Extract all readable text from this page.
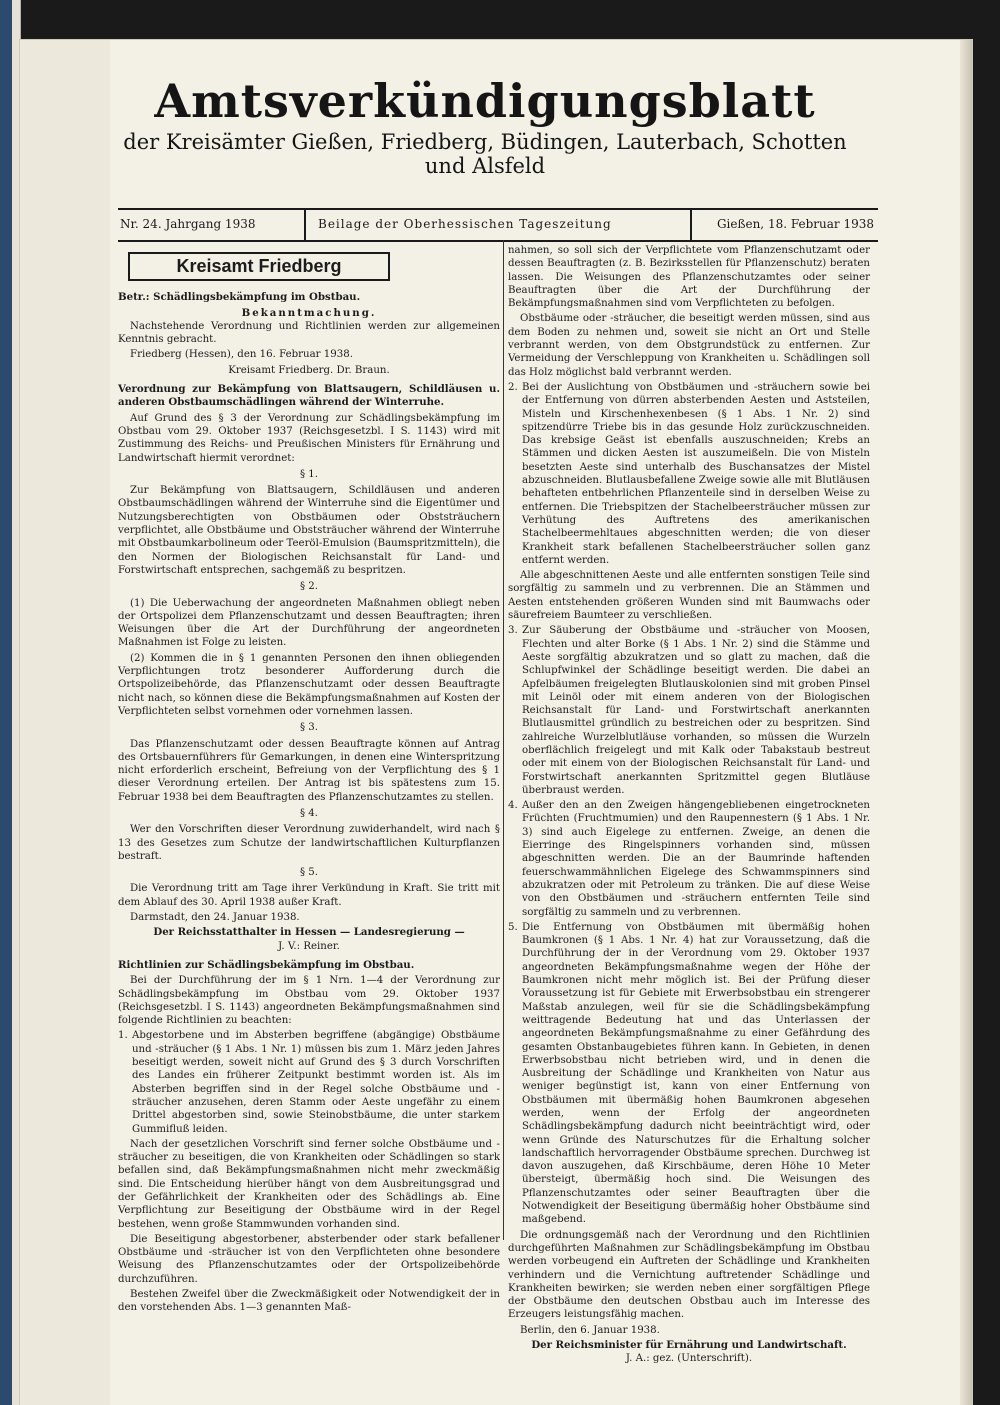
Amtsverkündigungsblatt
der Kreisämter Gießen, Friedberg, Büdingen, Lauterbach, Schotten und Alsfeld
Nr. 24. Jahrgang 1938	Beilage der Oberhessischen Tageszeitung	Gießen, 18. Februar 1938
Kreisamt Friedberg

Betr.: Schädlingsbekämpfung im Obstbau.

Bekanntmachung.

Nachstehende Verordnung und Richtlinien werden zur allgemeinen Kenntnis gebracht.

Friedberg (Hessen), den 16. Februar 1938.

Kreisamt Friedberg. Dr. Braun.

Verordnung zur Bekämpfung von Blattsaugern, Schildläusen u. anderen Obstbaumschädlingen während der Winterruhe.

Auf Grund des § 3 der Verordnung zur Schädlingsbekämpfung im Obstbau vom 29. Oktober 1937 (Reichsgesetzbl. I S. 1143) wird mit Zustimmung des Reichs- und Preußischen Ministers für Ernährung und Landwirtschaft hiermit verordnet:

§ 1.

Zur Bekämpfung von Blattsaugern, Schildläusen und anderen Obstbaumschädlingen während der Winterruhe sind die Eigentümer und Nutzungsberechtigten von Obstbäumen oder Obststräuchern verpflichtet, alle Obstbäume und Obststräucher während der Winterruhe mit Obstbaumkarbolineum oder Teeröl-Emulsion (Baumspritzmitteln), die den Normen der Biologischen Reichsanstalt für Land- und Forstwirtschaft entsprechen, sachgemäß zu bespritzen.

§ 2.

(1) Die Ueberwachung der angeordneten Maßnahmen obliegt neben der Ortspolizei dem Pflanzenschutzamt und dessen Beauftragten; ihren Weisungen über die Art der Durchführung der angeordneten Maßnahmen ist Folge zu leisten.

(2) Kommen die in § 1 genannten Personen den ihnen obliegenden Verpflichtungen trotz besonderer Aufforderung durch die Ortspolizeibehörde, das Pflanzenschutzamt oder dessen Beauftragte nicht nach, so können diese die Bekämpfungsmaßnahmen auf Kosten der Verpflichteten selbst vornehmen oder vornehmen lassen.

§ 3.

Das Pflanzenschutzamt oder dessen Beauftragte können auf Antrag des Ortsbauernführers für Gemarkungen, in denen eine Winterspritzung nicht erforderlich erscheint, Befreiung von der Verpflichtung des § 1 dieser Verordnung erteilen. Der Antrag ist bis spätestens zum 15. Februar 1938 bei dem Beauftragten des Pflanzenschutzamtes zu stellen.

§ 4.

Wer den Vorschriften dieser Verordnung zuwiderhandelt, wird nach § 13 des Gesetzes zum Schutze der landwirtschaftlichen Kulturpflanzen bestraft.

§ 5.

Die Verordnung tritt am Tage ihrer Verkündung in Kraft. Sie tritt mit dem Ablauf des 30. April 1938 außer Kraft.

Darmstadt, den 24. Januar 1938.

Der Reichsstatthalter in Hessen — Landesregierung —
J. V.: Reiner.

Richtlinien zur Schädlingsbekämpfung im Obstbau.

Bei der Durchführung der im § 1 Nrn. 1—4 der Verordnung zur Schädlingsbekämpfung im Obstbau vom 29. Oktober 1937 (Reichsgesetzbl. I S. 1143) angeordneten Bekämpfungsmaßnahmen sind folgende Richtlinien zu beachten:

1. Abgestorbene und im Absterben begriffene (abgängige) Obstbäume und -sträucher (§ 1 Abs. 1 Nr. 1) müssen bis zum 1. März jeden Jahres beseitigt werden, soweit nicht auf Grund des § 3 durch Vorschriften des Landes ein früherer Zeitpunkt bestimmt worden ist. Als im Absterben begriffen sind in der Regel solche Obstbäume und -sträucher anzusehen, deren Stamm oder Aeste ungefähr zu einem Drittel abgestorben sind, sowie Steinobstbäume, die unter starkem Gummifluß leiden.

Nach der gesetzlichen Vorschrift sind ferner solche Obstbäume und -sträucher zu beseitigen, die von Krankheiten oder Schädlingen so stark befallen sind, daß Bekämpfungsmaßnahmen nicht mehr zweckmäßig sind. Die Entscheidung hierüber hängt von dem Ausbreitungsgrad und der Gefährlichkeit der Krankheiten oder des Schädlings ab. Eine Verpflichtung zur Beseitigung der Obstbäume wird in der Regel bestehen, wenn große Stammwunden vorhanden sind.

Die Beseitigung abgestorbener, absterbender oder stark befallener Obstbäume und -sträucher ist von den Verpflichteten ohne besondere Weisung des Pflanzenschutzamtes oder der Ortspolizeibehörde durchzuführen.

Bestehen Zweifel über die Zweckmäßigkeit oder Notwendigkeit der in den vorstehenden Abs. 1—3 genannten Maß-

nahmen, so soll sich der Verpflichtete vom Pflanzenschutzamt oder dessen Beauftragten (z. B. Bezirksstellen für Pflanzenschutz) beraten lassen. Die Weisungen des Pflanzenschutzamtes oder seiner Beauftragten über die Art der Durchführung der Bekämpfungsmaßnahmen sind vom Verpflichteten zu befolgen.

Obstbäume oder -sträucher, die beseitigt werden müssen, sind aus dem Boden zu nehmen und, soweit sie nicht an Ort und Stelle verbrannt werden, von dem Obstgrundstück zu entfernen. Zur Vermeidung der Verschleppung von Krankheiten u. Schädlingen soll das Holz möglichst bald verbrannt werden.

2. Bei der Auslichtung von Obstbäumen und -sträuchern sowie bei der Entfernung von dürren absterbenden Aesten und Aststeilen, Misteln und Kirschenhexenbesen (§ 1 Abs. 1 Nr. 2) sind spitzendürre Triebe bis in das gesunde Holz zurückzuschneiden. Das krebsige Geäst ist ebenfalls auszuschneiden; Krebs an Stämmen und dicken Aesten ist auszumeißeln. Die von Misteln besetzten Aeste sind unterhalb des Buschansatzes der Mistel abzuschneiden. Blutlausbefallene Zweige sowie alle mit Blutläusen behafteten entbehrlichen Pflanzenteile sind in derselben Weise zu entfernen. Die Triebspitzen der Stachelbeersträucher müssen zur Verhütung des Auftretens des amerikanischen Stachelbeermehltaues abgeschnitten werden; die von dieser Krankheit stark befallenen Stachelbeersträucher sollen ganz entfernt werden.

Alle abgeschnittenen Aeste und alle entfernten sonstigen Teile sind sorgfältig zu sammeln und zu verbrennen. Die an Stämmen und Aesten entstehenden größeren Wunden sind mit Baumwachs oder säurefreiem Baumteer zu verschließen.

3. Zur Säuberung der Obstbäume und -sträucher von Moosen, Flechten und alter Borke (§ 1 Abs. 1 Nr. 2) sind die Stämme und Aeste sorgfältig abzukratzen und so glatt zu machen, daß die Schlupfwinkel der Schädlinge beseitigt werden. Die dabei an Apfelbäumen freigelegten Blutlauskolonien sind mit groben Pinsel mit Leinöl oder mit einem anderen von der Biologischen Reichsanstalt für Land- und Forstwirtschaft anerkannten Blutlausmittel gründlich zu bestreichen oder zu bespritzen. Sind zahlreiche Wurzelblutläuse vorhanden, so müssen die Wurzeln oberflächlich freigelegt und mit Kalk oder Tabakstaub bestreut oder mit einem von der Biologischen Reichsanstalt für Land- und Forstwirtschaft anerkannten Spritzmittel gegen Blutläuse überbraust werden.

4. Außer den an den Zweigen hängengebliebenen eingetrockneten Früchten (Fruchtmumien) und den Raupennestern (§ 1 Abs. 1 Nr. 3) sind auch Eigelege zu entfernen. Zweige, an denen die Eierringe des Ringelspinners vorhanden sind, müssen abgeschnitten werden. Die an der Baumrinde haftenden feuerschwammähnlichen Eigelege des Schwammspinners sind abzukratzen oder mit Petroleum zu tränken. Die auf diese Weise von den Obstbäumen und -sträuchern entfernten Teile sind sorgfältig zu sammeln und zu verbrennen.

5. Die Entfernung von Obstbäumen mit übermäßig hohen Baumkronen (§ 1 Abs. 1 Nr. 4) hat zur Voraussetzung, daß die Durchführung der in der Verordnung vom 29. Oktober 1937 angeordneten Bekämpfungsmaßnahme wegen der Höhe der Baumkronen nicht mehr möglich ist. Bei der Prüfung dieser Voraussetzung ist für Gebiete mit Erwerbsobstbau ein strengerer Maßstab anzulegen, weil für sie die Schädlingsbekämpfung weittragende Bedeutung hat und das Unterlassen der angeordneten Bekämpfungsmaßnahme zu einer Gefährdung des gesamten Obstanbaugebietes führen kann. In Gebieten, in denen Erwerbsobstbau nicht betrieben wird, und in denen die Ausbreitung der Schädlinge und Krankheiten von Natur aus weniger begünstigt ist, kann von einer Entfernung von Obstbäumen mit übermäßig hohen Baumkronen abgesehen werden, wenn der Erfolg der angeordneten Schädlingsbekämpfung dadurch nicht beeinträchtigt wird, oder wenn Gründe des Naturschutzes für die Erhaltung solcher landschaftlich hervorragender Obstbäume sprechen. Durchweg ist davon auszugehen, daß Kirschbäume, deren Höhe 10 Meter übersteigt, übermäßig hoch sind. Die Weisungen des Pflanzenschutzamtes oder seiner Beauftragten über die Notwendigkeit der Beseitigung übermäßig hoher Obstbäume sind maßgebend.

Die ordnungsgemäß nach der Verordnung und den Richtlinien durchgeführten Maßnahmen zur Schädlingsbekämpfung im Obstbau werden vorbeugend ein Auftreten der Schädlinge und Krankheiten verhindern und die Vernichtung auftretender Schädlinge und Krankheiten bewirken; sie werden neben einer sorgfältigen Pflege der Obstbäume den deutschen Obstbau auch im Interesse des Erzeugers leistungsfähig machen.

Berlin, den 6. Januar 1938.

Der Reichsminister für Ernährung und Landwirtschaft.
J. A.: gez. (Unterschrift).
